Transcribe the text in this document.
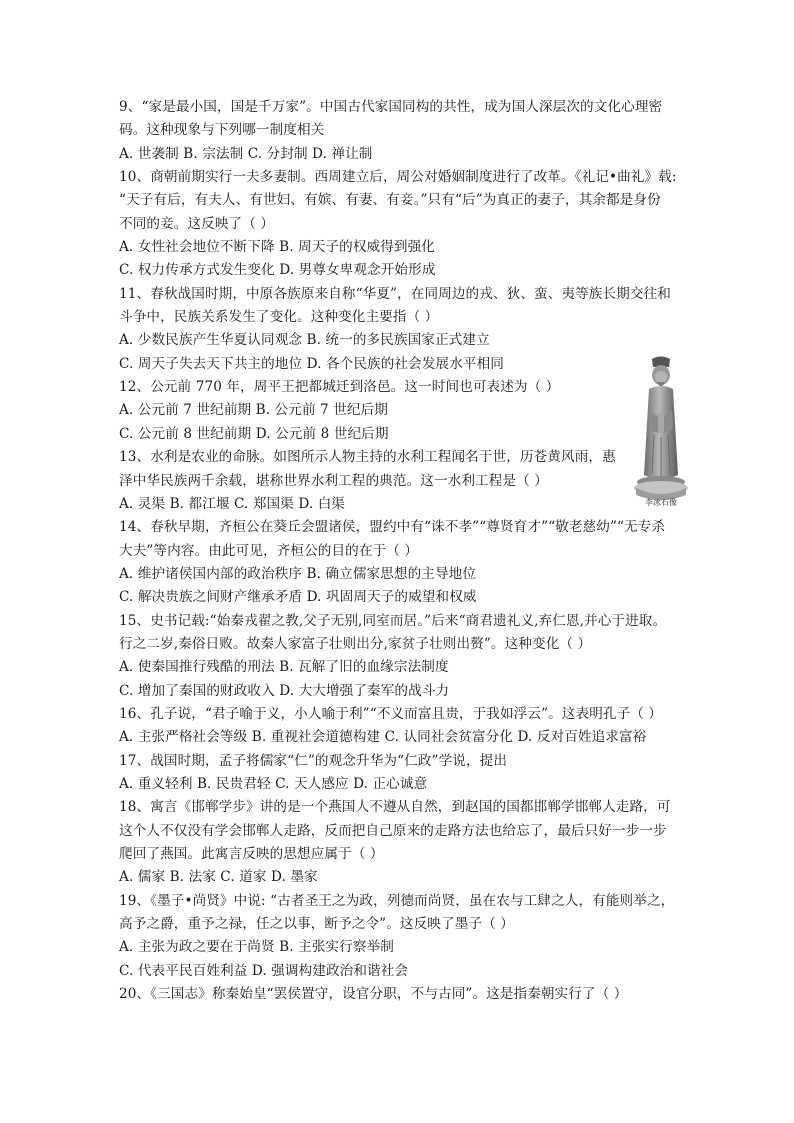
9、“家是最小国，国是千万家”。中国古代家国同构的共性，成为国人深层次的文化心理密
码。这种现象与下列哪一制度相关
A. 世袭制 B. 宗法制 C. 分封制 D. 禅让制
10、商朝前期实行一夫多妻制。西周建立后，周公对婚姻制度进行了改革。《礼记•曲礼》载:
“天子有后，有夫人、有世妇、有嫔、有妻、有妾。”只有“后”为真正的妻子，其余都是身份
不同的妾。这反映了（ ）
A. 女性社会地位不断下降 B. 周天子的权威得到强化
C. 权力传承方式发生变化 D. 男尊女卑观念开始形成
11、春秋战国时期，中原各族原来自称“华夏”，在同周边的戎、狄、蛮、夷等族长期交往和
斗争中，民族关系发生了变化。这种变化主要指（ ）
A. 少数民族产生华夏认同观念 B. 统一的多民族国家正式建立
C. 周天子失去天下共主的地位 D. 各个民族的社会发展水平相同
12、公元前 770 年，周平王把都城迁到洛邑。这一时间也可表述为（ ）
A. 公元前 7 世纪前期 B. 公元前 7 世纪后期
C. 公元前 8 世纪前期 D. 公元前 8 世纪后期
13、水利是农业的命脉。如图所示人物主持的水利工程闻名于世，历苍黄风雨，惠
泽中华民族两千余载，堪称世界水利工程的典范。这一水利工程是（ ）
A. 灵渠 B. 都江堰 C. 郑国渠 D. 白渠
14、春秋早期，齐桓公在葵丘会盟诸侯，盟约中有“诛不孝”“尊贤育才”“敬老慈幼”“无专杀
大夫”等内容。由此可见，齐桓公的目的在于（ ）
A. 维护诸侯国内部的政治秩序 B. 确立儒家思想的主导地位
C. 解决贵族之间财产继承矛盾 D. 巩固周天子的威望和权威
15、史书记载:“始秦戎翟之教,父子无别,同室而居。”后来“商君遗礼义,弃仁恩,并心于进取。
行之二岁,秦俗日败。故秦人家富子壮则出分,家贫子壮则出赘”。这种变化（ ）
A. 使秦国推行残酷的刑法 B. 瓦解了旧的血缘宗法制度
C. 增加了秦国的财政收入 D. 大大增强了秦军的战斗力
16、孔子说，“君子喻于义，小人喻于利”“不义而富且贵，于我如浮云”。这表明孔子（ ）
A. 主张严格社会等级 B. 重视社会道德构建 C. 认同社会贫富分化 D. 反对百姓追求富裕
17、战国时期，孟子将儒家“仁”的观念升华为“仁政”学说，提出
A. 重义轻利 B. 民贵君轻 C. 天人感应 D. 正心诚意
18、寓言《邯郸学步》讲的是一个燕国人不遵从自然，到赵国的国都邯郸学邯郸人走路，可
这个人不仅没有学会邯郸人走路，反而把自己原来的走路方法也给忘了，最后只好一步一步
爬回了燕国。此寓言反映的思想应属于（ ）
A. 儒家 B. 法家 C. 道家 D. 墨家
19、《墨子•尚贤》中说: “古者圣王之为政，列德而尚贤，虽在农与工肆之人，有能则举之，
高予之爵，重予之禄，任之以事，断予之令”。这反映了墨子（ ）
A. 主张为政之要在于尚贤 B. 主张实行察举制
C. 代表平民百姓利益 D. 强调构建政治和谐社会
20、《三国志》称秦始皇“罢侯置守，设官分职，不与古同”。这是指秦朝实行了（ ）
李冰石像
